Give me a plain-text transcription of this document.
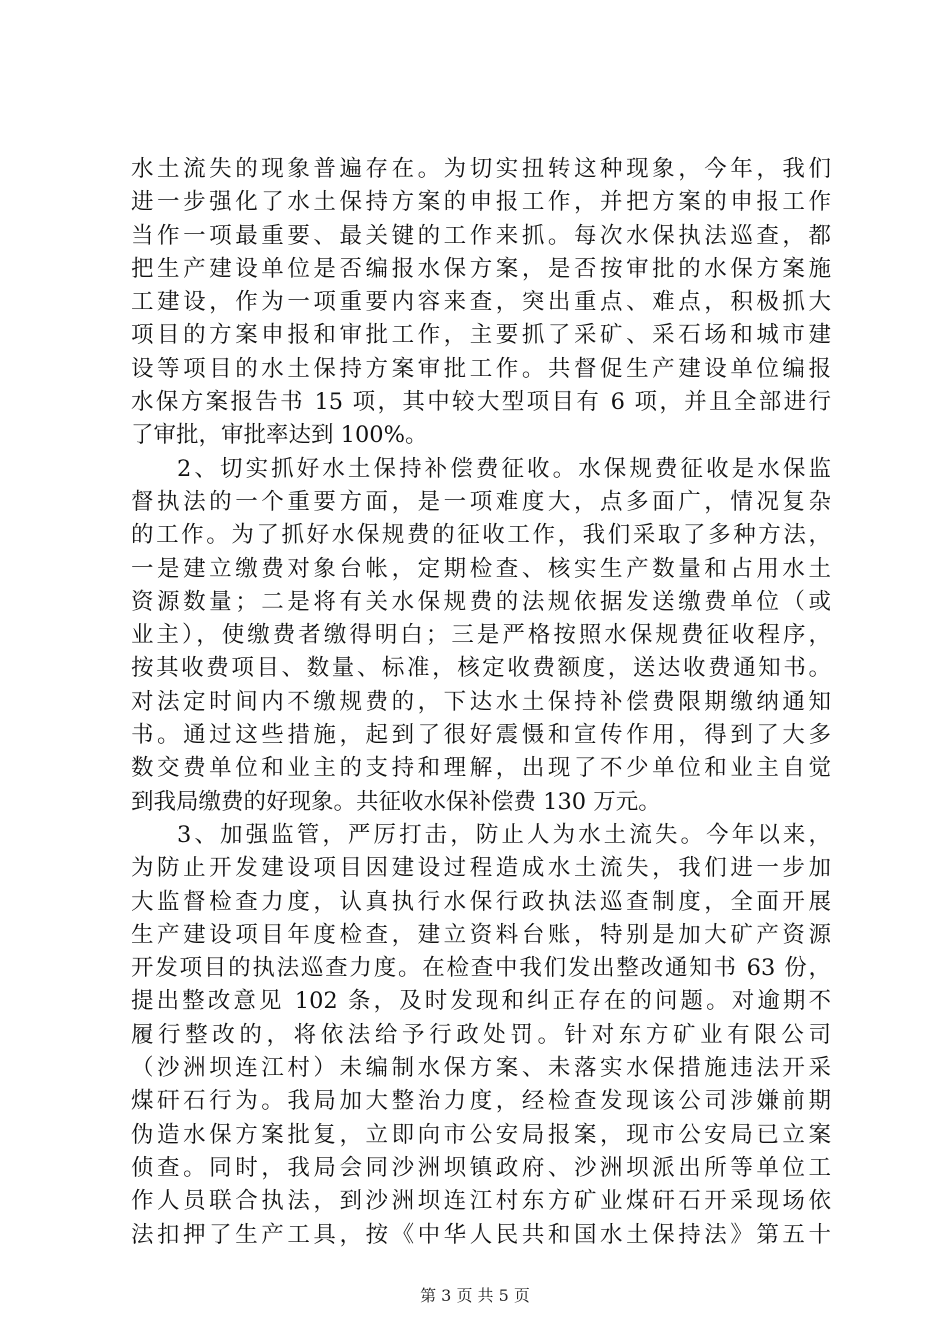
水土流失的现象普遍存在。为切实扭转这种现象，今年，我们
进一步强化了水土保持方案的申报工作，并把方案的申报工作
当作一项最重要、最关键的工作来抓。每次水保执法巡查，都
把生产建设单位是否编报水保方案，是否按审批的水保方案施
工建设，作为一项重要内容来查，突出重点、难点，积极抓大
项目的方案申报和审批工作，主要抓了采矿、采石场和城市建
设等项目的水土保持方案审批工作。共督促生产建设单位编报
水保方案报告书 15 项，其中较大型项目有 6 项，并且全部进行
了审批，审批率达到 100%。
2、切实抓好水土保持补偿费征收。水保规费征收是水保监
督执法的一个重要方面，是一项难度大，点多面广，情况复杂
的工作。为了抓好水保规费的征收工作，我们采取了多种方法，
一是建立缴费对象台帐，定期检查、核实生产数量和占用水土
资源数量；二是将有关水保规费的法规依据发送缴费单位（或
业主），使缴费者缴得明白；三是严格按照水保规费征收程序，
按其收费项目、数量、标准，核定收费额度，送达收费通知书。
对法定时间内不缴规费的，下达水土保持补偿费限期缴纳通知
书。通过这些措施，起到了很好震慑和宣传作用，得到了大多
数交费单位和业主的支持和理解，出现了不少单位和业主自觉
到我局缴费的好现象。共征收水保补偿费 130 万元。
3、加强监管，严厉打击，防止人为水土流失。今年以来，
为防止开发建设项目因建设过程造成水土流失，我们进一步加
大监督检查力度，认真执行水保行政执法巡查制度，全面开展
生产建设项目年度检查，建立资料台账，特别是加大矿产资源
开发项目的执法巡查力度。在检查中我们发出整改通知书 63 份，
提出整改意见 102 条，及时发现和纠正存在的问题。对逾期不
履行整改的，将依法给予行政处罚。针对东方矿业有限公司
（沙洲坝连江村）未编制水保方案、未落实水保措施违法开采
煤矸石行为。我局加大整治力度，经检查发现该公司涉嫌前期
伪造水保方案批复，立即向市公安局报案，现市公安局已立案
侦查。同时，我局会同沙洲坝镇政府、沙洲坝派出所等单位工
作人员联合执法，到沙洲坝连江村东方矿业煤矸石开采现场依
法扣押了生产工具，按《中华人民共和国水土保持法》第五十
第 3 页 共 5 页
